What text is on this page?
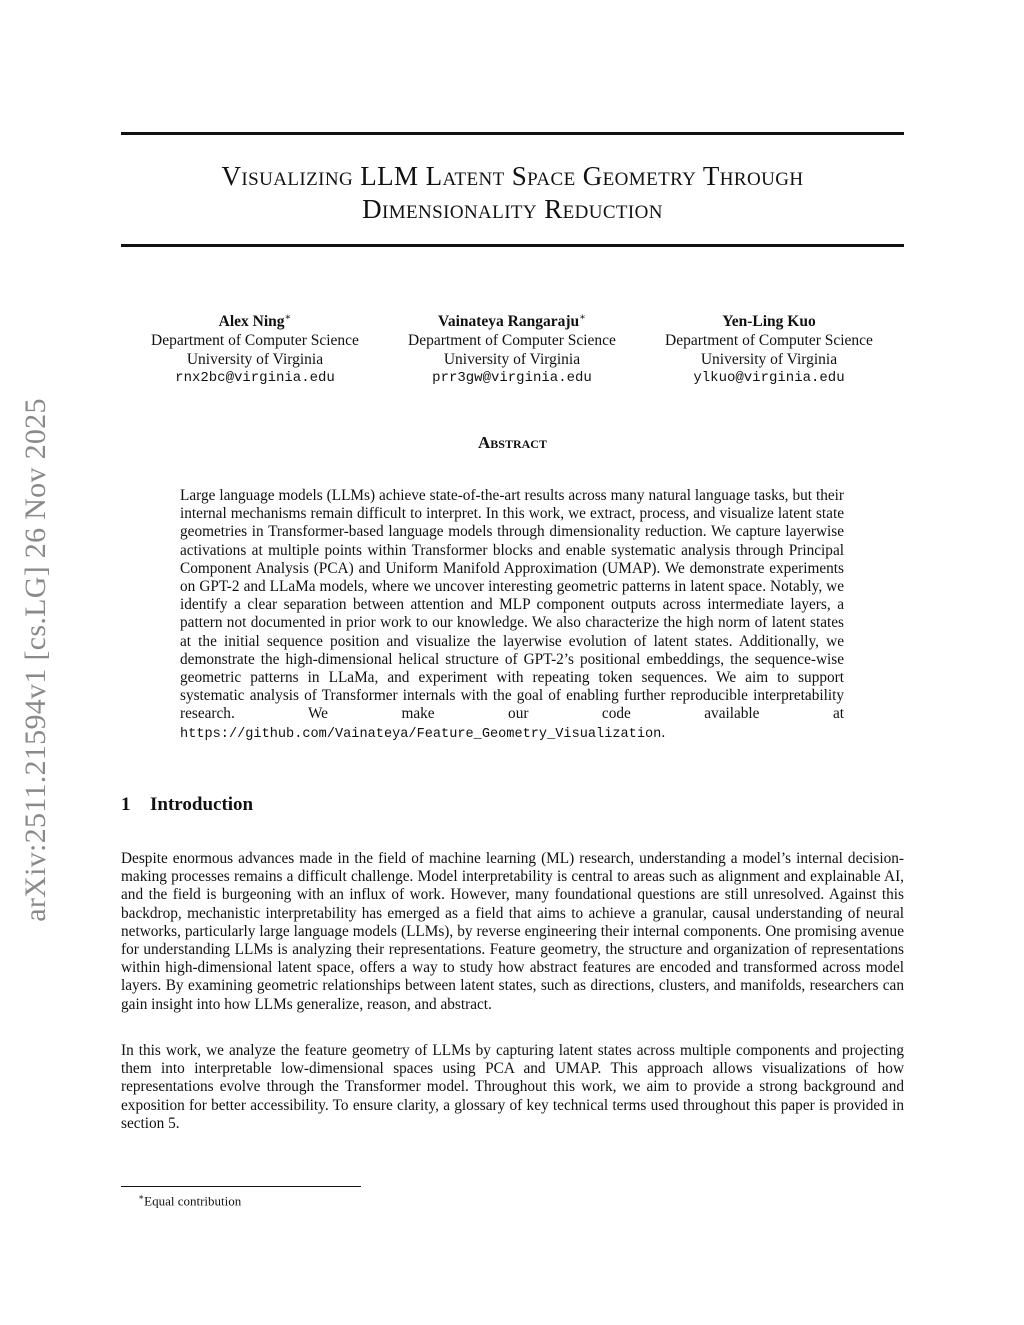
arXiv:2511.21594v1 [cs.LG] 26 Nov 2025
Visualizing LLM Latent Space Geometry Through
Dimensionality Reduction
Alex Ning∗
Department of Computer Science
University of Virginia
rnx2bc@virginia.edu
Vainateya Rangaraju∗
Department of Computer Science
University of Virginia
prr3gw@virginia.edu
Yen-Ling Kuo
Department of Computer Science
University of Virginia
ylkuo@virginia.edu
Abstract

Large language models (LLMs) achieve state-of-the-art results across many natural language tasks, but their internal mechanisms remain difficult to interpret. In this work, we extract, process, and visualize latent state geometries in Transformer-based language models through dimensionality reduction. We capture layerwise activations at multiple points within Transformer blocks and enable systematic analysis through Principal Component Analysis (PCA) and Uniform Manifold Approximation (UMAP). We demonstrate experiments on GPT-2 and LLaMa models, where we uncover interesting geometric patterns in latent space. Notably, we identify a clear separation between attention and MLP component outputs across intermediate layers, a pattern not documented in prior work to our knowledge. We also characterize the high norm of latent states at the initial sequence position and visualize the layerwise evolution of latent states. Additionally, we demonstrate the high-dimensional helical structure of GPT-2’s positional embeddings, the sequence-wise geometric patterns in LLaMa, and experiment with repeating token sequences. We aim to support systematic analysis of Transformer internals with the goal of enabling further reproducible interpretability research. We make our code available at https://github.com/Vainateya/Feature_Geometry_Visualization.

1 Introduction

Despite enormous advances made in the field of machine learning (ML) research, understanding a model’s internal decision-making processes remains a difficult challenge. Model interpretability is central to areas such as alignment and explainable AI, and the field is burgeoning with an influx of work. However, many foundational questions are still unresolved. Against this backdrop, mechanistic interpretability has emerged as a field that aims to achieve a granular, causal understanding of neural networks, particularly large language models (LLMs), by reverse engineering their internal components. One promising avenue for understanding LLMs is analyzing their representations. Feature geometry, the structure and organization of representations within high-dimensional latent space, offers a way to study how abstract features are encoded and transformed across model layers. By examining geometric relationships between latent states, such as directions, clusters, and manifolds, researchers can gain insight into how LLMs generalize, reason, and abstract.

In this work, we analyze the feature geometry of LLMs by capturing latent states across multiple components and projecting them into interpretable low-dimensional spaces using PCA and UMAP. This approach allows visualizations of how representations evolve through the Transformer model. Throughout this work, we aim to provide a strong background and exposition for better accessibility. To ensure clarity, a glossary of key technical terms used throughout this paper is provided in section 5.

∗Equal contribution
